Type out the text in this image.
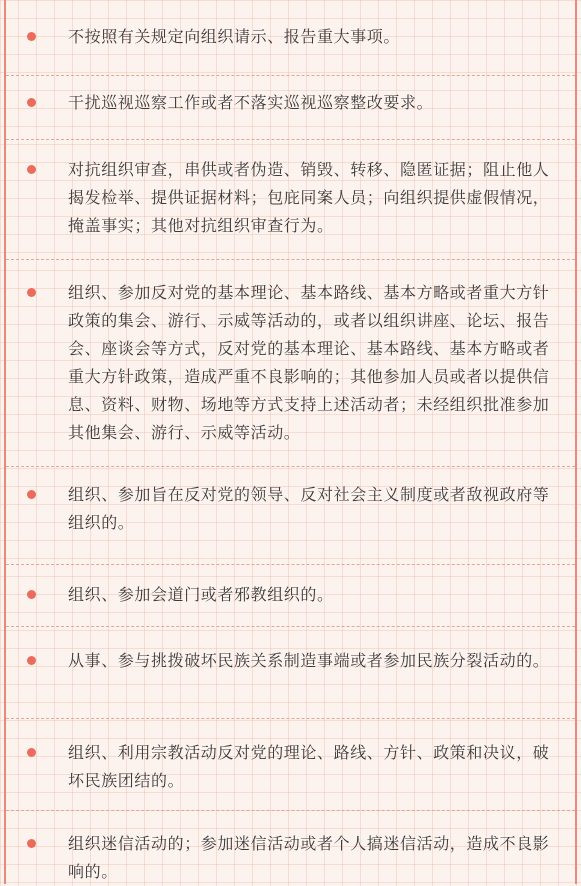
不按照有关规定向组织请示、报告重大事项。

干扰巡视巡察工作或者不落实巡视巡察整改要求。

对抗组织审查，串供或者伪造、销毁、转移、隐匿证据；阻止他人揭发检举、提供证据材料；包庇同案人员；向组织提供虚假情况，掩盖事实；其他对抗组织审查行为。

组织、参加反对党的基本理论、基本路线、基本方略或者重大方针政策的集会、游行、示威等活动的，或者以组织讲座、论坛、报告会、座谈会等方式，反对党的基本理论、基本路线、基本方略或者重大方针政策，造成严重不良影响的；其他参加人员或者以提供信息、资料、财物、场地等方式支持上述活动者；未经组织批准参加其他集会、游行、示威等活动。

组织、参加旨在反对党的领导、反对社会主义制度或者敌视政府等组织的。

组织、参加会道门或者邪教组织的。

从事、参与挑拨破坏民族关系制造事端或者参加民族分裂活动的。

组织、利用宗教活动反对党的理论、路线、方针、政策和决议，破坏民族团结的。

组织迷信活动的；参加迷信活动或者个人搞迷信活动，造成不良影响的。
